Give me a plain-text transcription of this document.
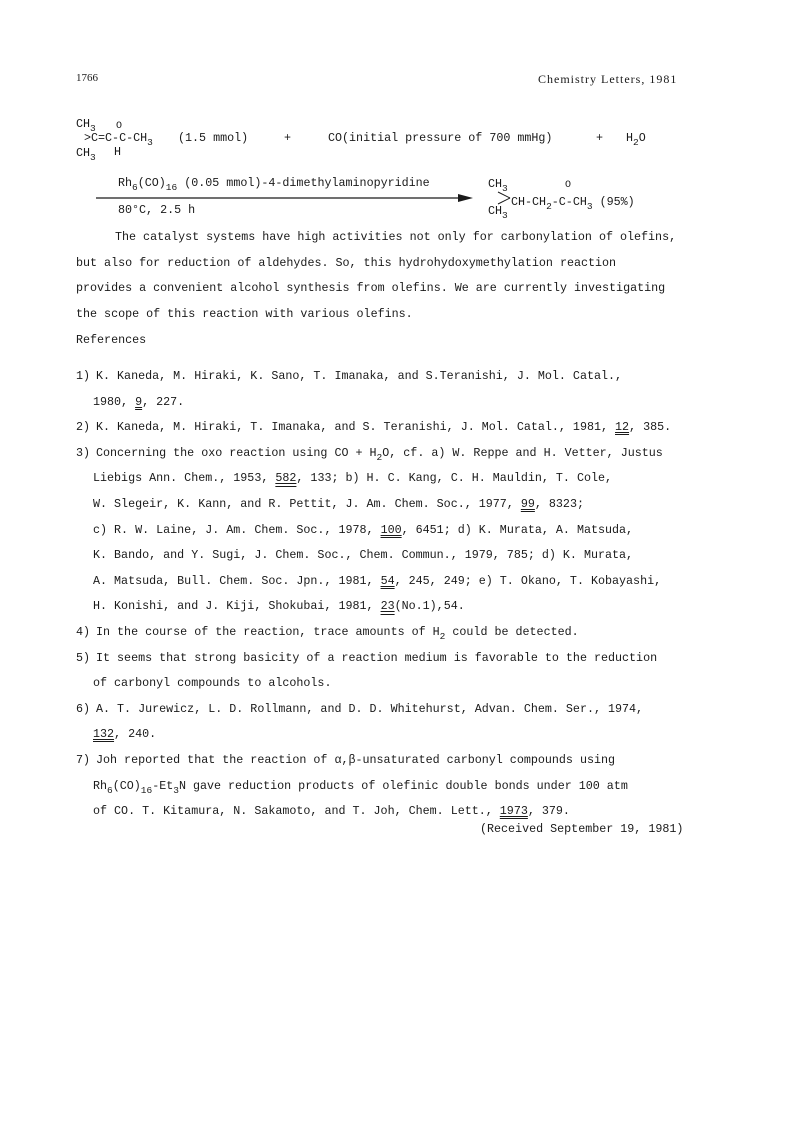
1766	Chemistry Letters, 1981
$CH_3$ O
$>C=C-C-CH_3$
$CH_3$ H
(1.5 mmol)	+	CO(initial pressure of 700 mmHg)	+ $H_2O$
$Rh_6(CO)_{16}$ (0.05 mmol)-4-dimethylaminopyridine
80°C, 2.5 h
$CH_3$	O
$CH_3$
$CH-CH_2-C-CH_3$ (95%)
The catalyst systems have high activities not only for carbonylation of olefins,
but also for reduction of aldehydes. So, this hydrohydoxymethylation reaction
provides a convenient alcohol synthesis from olefins. We are currently investigating
the scope of this reaction with various olefins.
References
1) K. Kaneda, M. Hiraki, K. Sano, T. Imanaka, and S.Teranishi, J. Mol. Catal.,
1980, 9, 227.
2) K. Kaneda, M. Hiraki, T. Imanaka, and S. Teranishi, J. Mol. Catal., 1981, 12, 385.
3) Concerning the oxo reaction using CO + $H_2O$, cf. a) W. Reppe and H. Vetter, Justus
Liebigs Ann. Chem., 1953, 582, 133; b) H. C. Kang, C. H. Mauldin, T. Cole,
W. Slegeir, K. Kann, and R. Pettit, J. Am. Chem. Soc., 1977, 99, 8323;
c) R. W. Laine, J. Am. Chem. Soc., 1978, 100, 6451; d) K. Murata, A. Matsuda,
K. Bando, and Y. Sugi, J. Chem. Soc., Chem. Commun., 1979, 785; d) K. Murata,
A. Matsuda, Bull. Chem. Soc. Jpn., 1981, 54, 245, 249; e) T. Okano, T. Kobayashi,
H. Konishi, and J. Kiji, Shokubai, 1981, 23(No.1),54.
4) In the course of the reaction, trace amounts of $H_2$ could be detected.
5) It seems that strong basicity of a reaction medium is favorable to the reduction
of carbonyl compounds to alcohols.
6) A. T. Jurewicz, L. D. Rollmann, and D. D. Whitehurst, Advan. Chem. Ser., 1974,
132, 240.
7) Joh reported that the reaction of α,β-unsaturated carbonyl compounds using
$Rh_6(CO)_{16}-Et_3N$ gave reduction products of olefinic double bonds under 100 atm
of CO. T. Kitamura, N. Sakamoto, and T. Joh, Chem. Lett., 1973, 379.
(Received September 19, 1981)
